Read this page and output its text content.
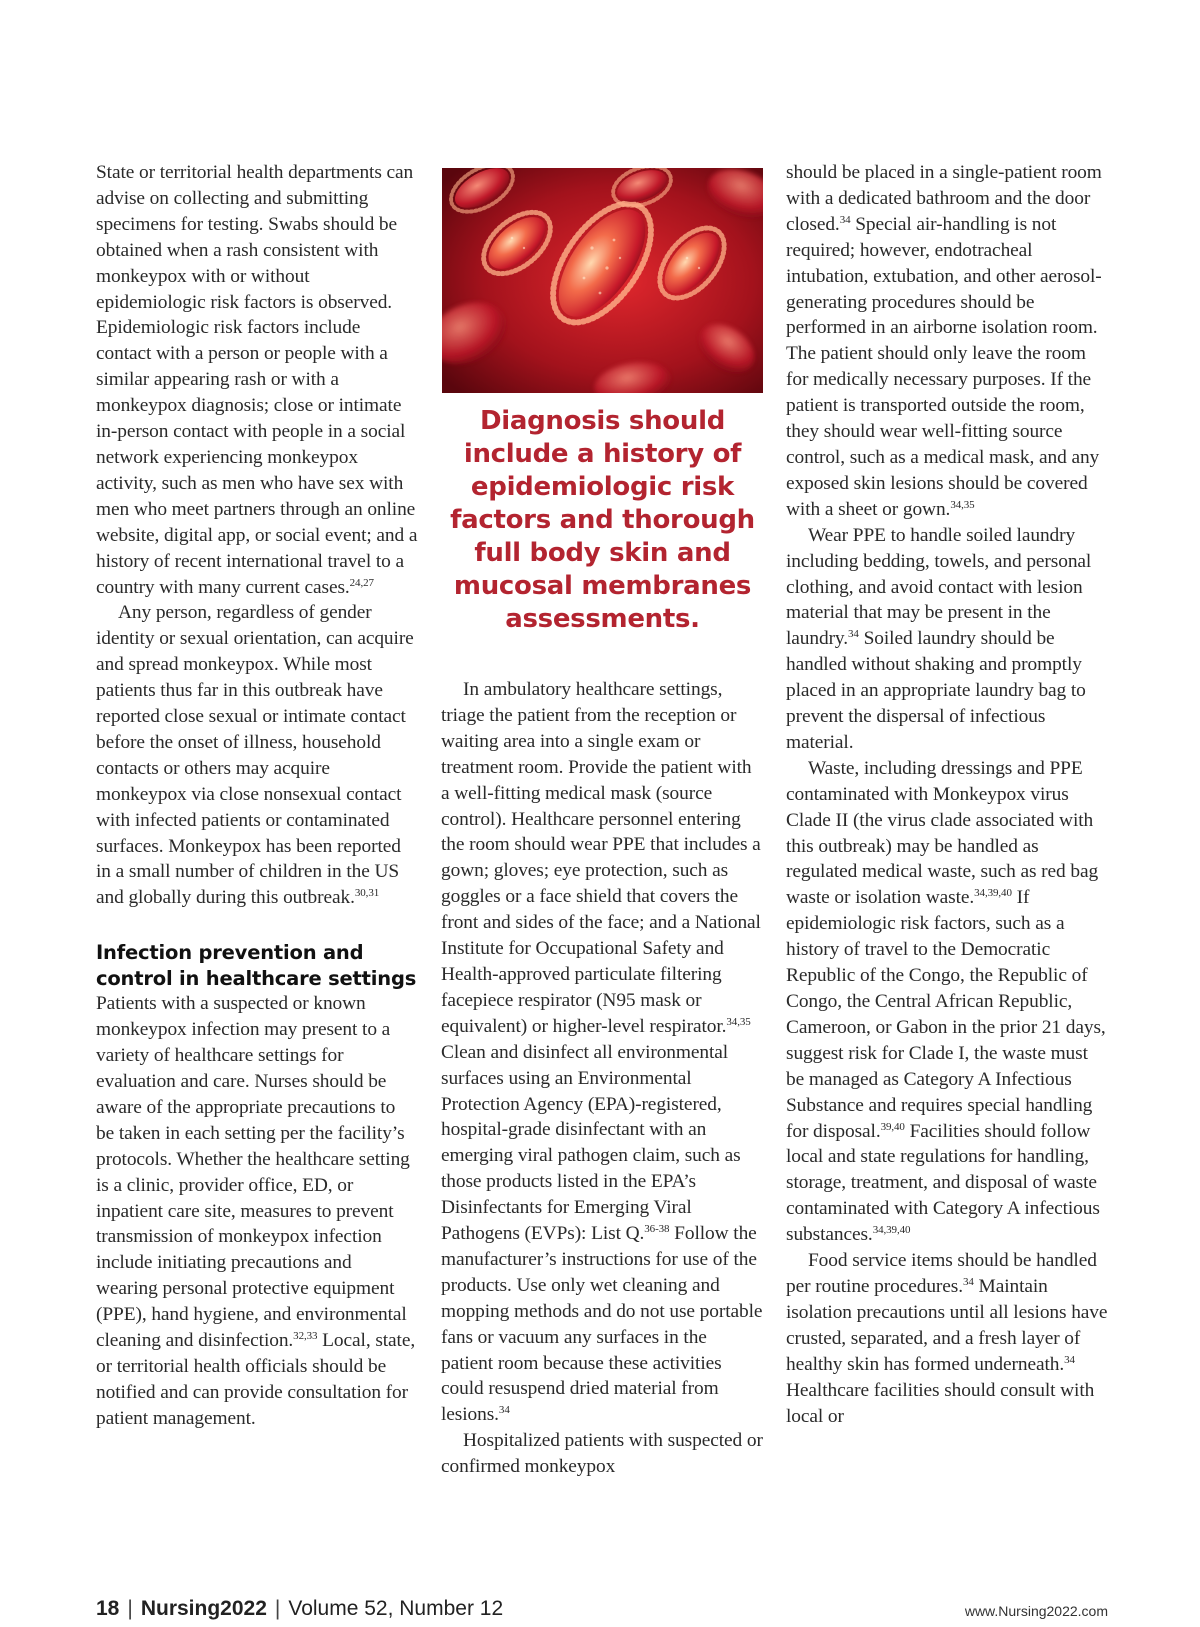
State or territorial health departments can advise on collecting and submitting specimens for testing. Swabs should be obtained when a rash consistent with monkeypox with or without epidemiologic risk factors is observed. Epidemiologic risk factors include contact with a person or people with a similar appearing rash or with a monkeypox diagnosis; close or intimate in-person contact with people in a social network experiencing monkeypox activity, such as men who have sex with men who meet partners through an online website, digital app, or social event; and a history of recent international travel to a country with many current cases.$^{24,27}$

Any person, regardless of gender identity or sexual orientation, can acquire and spread monkeypox. While most patients thus far in this outbreak have reported close sexual or intimate contact before the onset of illness, household contacts or others may acquire monkeypox via close nonsexual contact with infected patients or contaminated surfaces. Monkeypox has been reported in a small number of children in the US and globally during this outbreak.$^{30,31}$

Infection prevention and control in healthcare settings

Patients with a suspected or known monkeypox infection may present to a variety of healthcare settings for evaluation and care. Nurses should be aware of the appropriate precautions to be taken in each setting per the facility’s protocols. Whether the healthcare setting is a clinic, provider office, ED, or inpatient care site, measures to prevent transmission of monkeypox infection include initiating precautions and wearing personal protective equipment (PPE), hand hygiene, and environmental cleaning and disinfection.$^{32,33}$ Local, state, or territorial health officials should be notified and can provide consultation for patient management.

Diagnosis should include a history of epidemiologic risk factors and thorough full body skin and mucosal membranes assessments.

In ambulatory healthcare settings, triage the patient from the reception or waiting area into a single exam or treatment room. Provide the patient with a well-fitting medical mask (source control). Healthcare personnel entering the room should wear PPE that includes a gown; gloves; eye protection, such as goggles or a face shield that covers the front and sides of the face; and a National Institute for Occupational Safety and Health-approved particulate filtering facepiece respirator (N95 mask or equivalent) or higher-level respirator.$^{34,35}$ Clean and disinfect all environmental surfaces using an Environmental Protection Agency (EPA)-registered, hospital-grade disinfectant with an emerging viral pathogen claim, such as those products listed in the EPA’s Disinfectants for Emerging Viral Pathogens (EVPs): List Q.$^{36-38}$ Follow the manufacturer’s instructions for use of the products. Use only wet cleaning and mopping methods and do not use portable fans or vacuum any surfaces in the patient room because these activities could resuspend dried material from lesions.$^{34}$

Hospitalized patients with suspected or confirmed monkeypox

should be placed in a single-patient room with a dedicated bathroom and the door closed.$^{34}$ Special air-handling is not required; however, endotracheal intubation, extubation, and other aerosol-generating procedures should be performed in an airborne isolation room. The patient should only leave the room for medically necessary purposes. If the patient is transported outside the room, they should wear well-fitting source control, such as a medical mask, and any exposed skin lesions should be covered with a sheet or gown.$^{34,35}$

Wear PPE to handle soiled laundry including bedding, towels, and personal clothing, and avoid contact with lesion material that may be present in the laundry.$^{34}$ Soiled laundry should be handled without shaking and promptly placed in an appropriate laundry bag to prevent the dispersal of infectious material.

Waste, including dressings and PPE contaminated with Monkeypox virus Clade II (the virus clade associated with this outbreak) may be handled as regulated medical waste, such as red bag waste or isolation waste.$^{34,39,40}$ If epidemiologic risk factors, such as a history of travel to the Democratic Republic of the Congo, the Republic of Congo, the Central African Republic, Cameroon, or Gabon in the prior 21 days, suggest risk for Clade I, the waste must be managed as Category A Infectious Substance and requires special handling for disposal.$^{39,40}$ Facilities should follow local and state regulations for handling, storage, treatment, and disposal of waste contaminated with Category A infectious substances.$^{34,39,40}$

Food service items should be handled per routine procedures.$^{34}$ Maintain isolation precautions until all lesions have crusted, separated, and a fresh layer of healthy skin has formed underneath.$^{34}$ Healthcare facilities should consult with local or

18 | Nursing2022 | Volume 52, Number 12	www.Nursing2022.com
